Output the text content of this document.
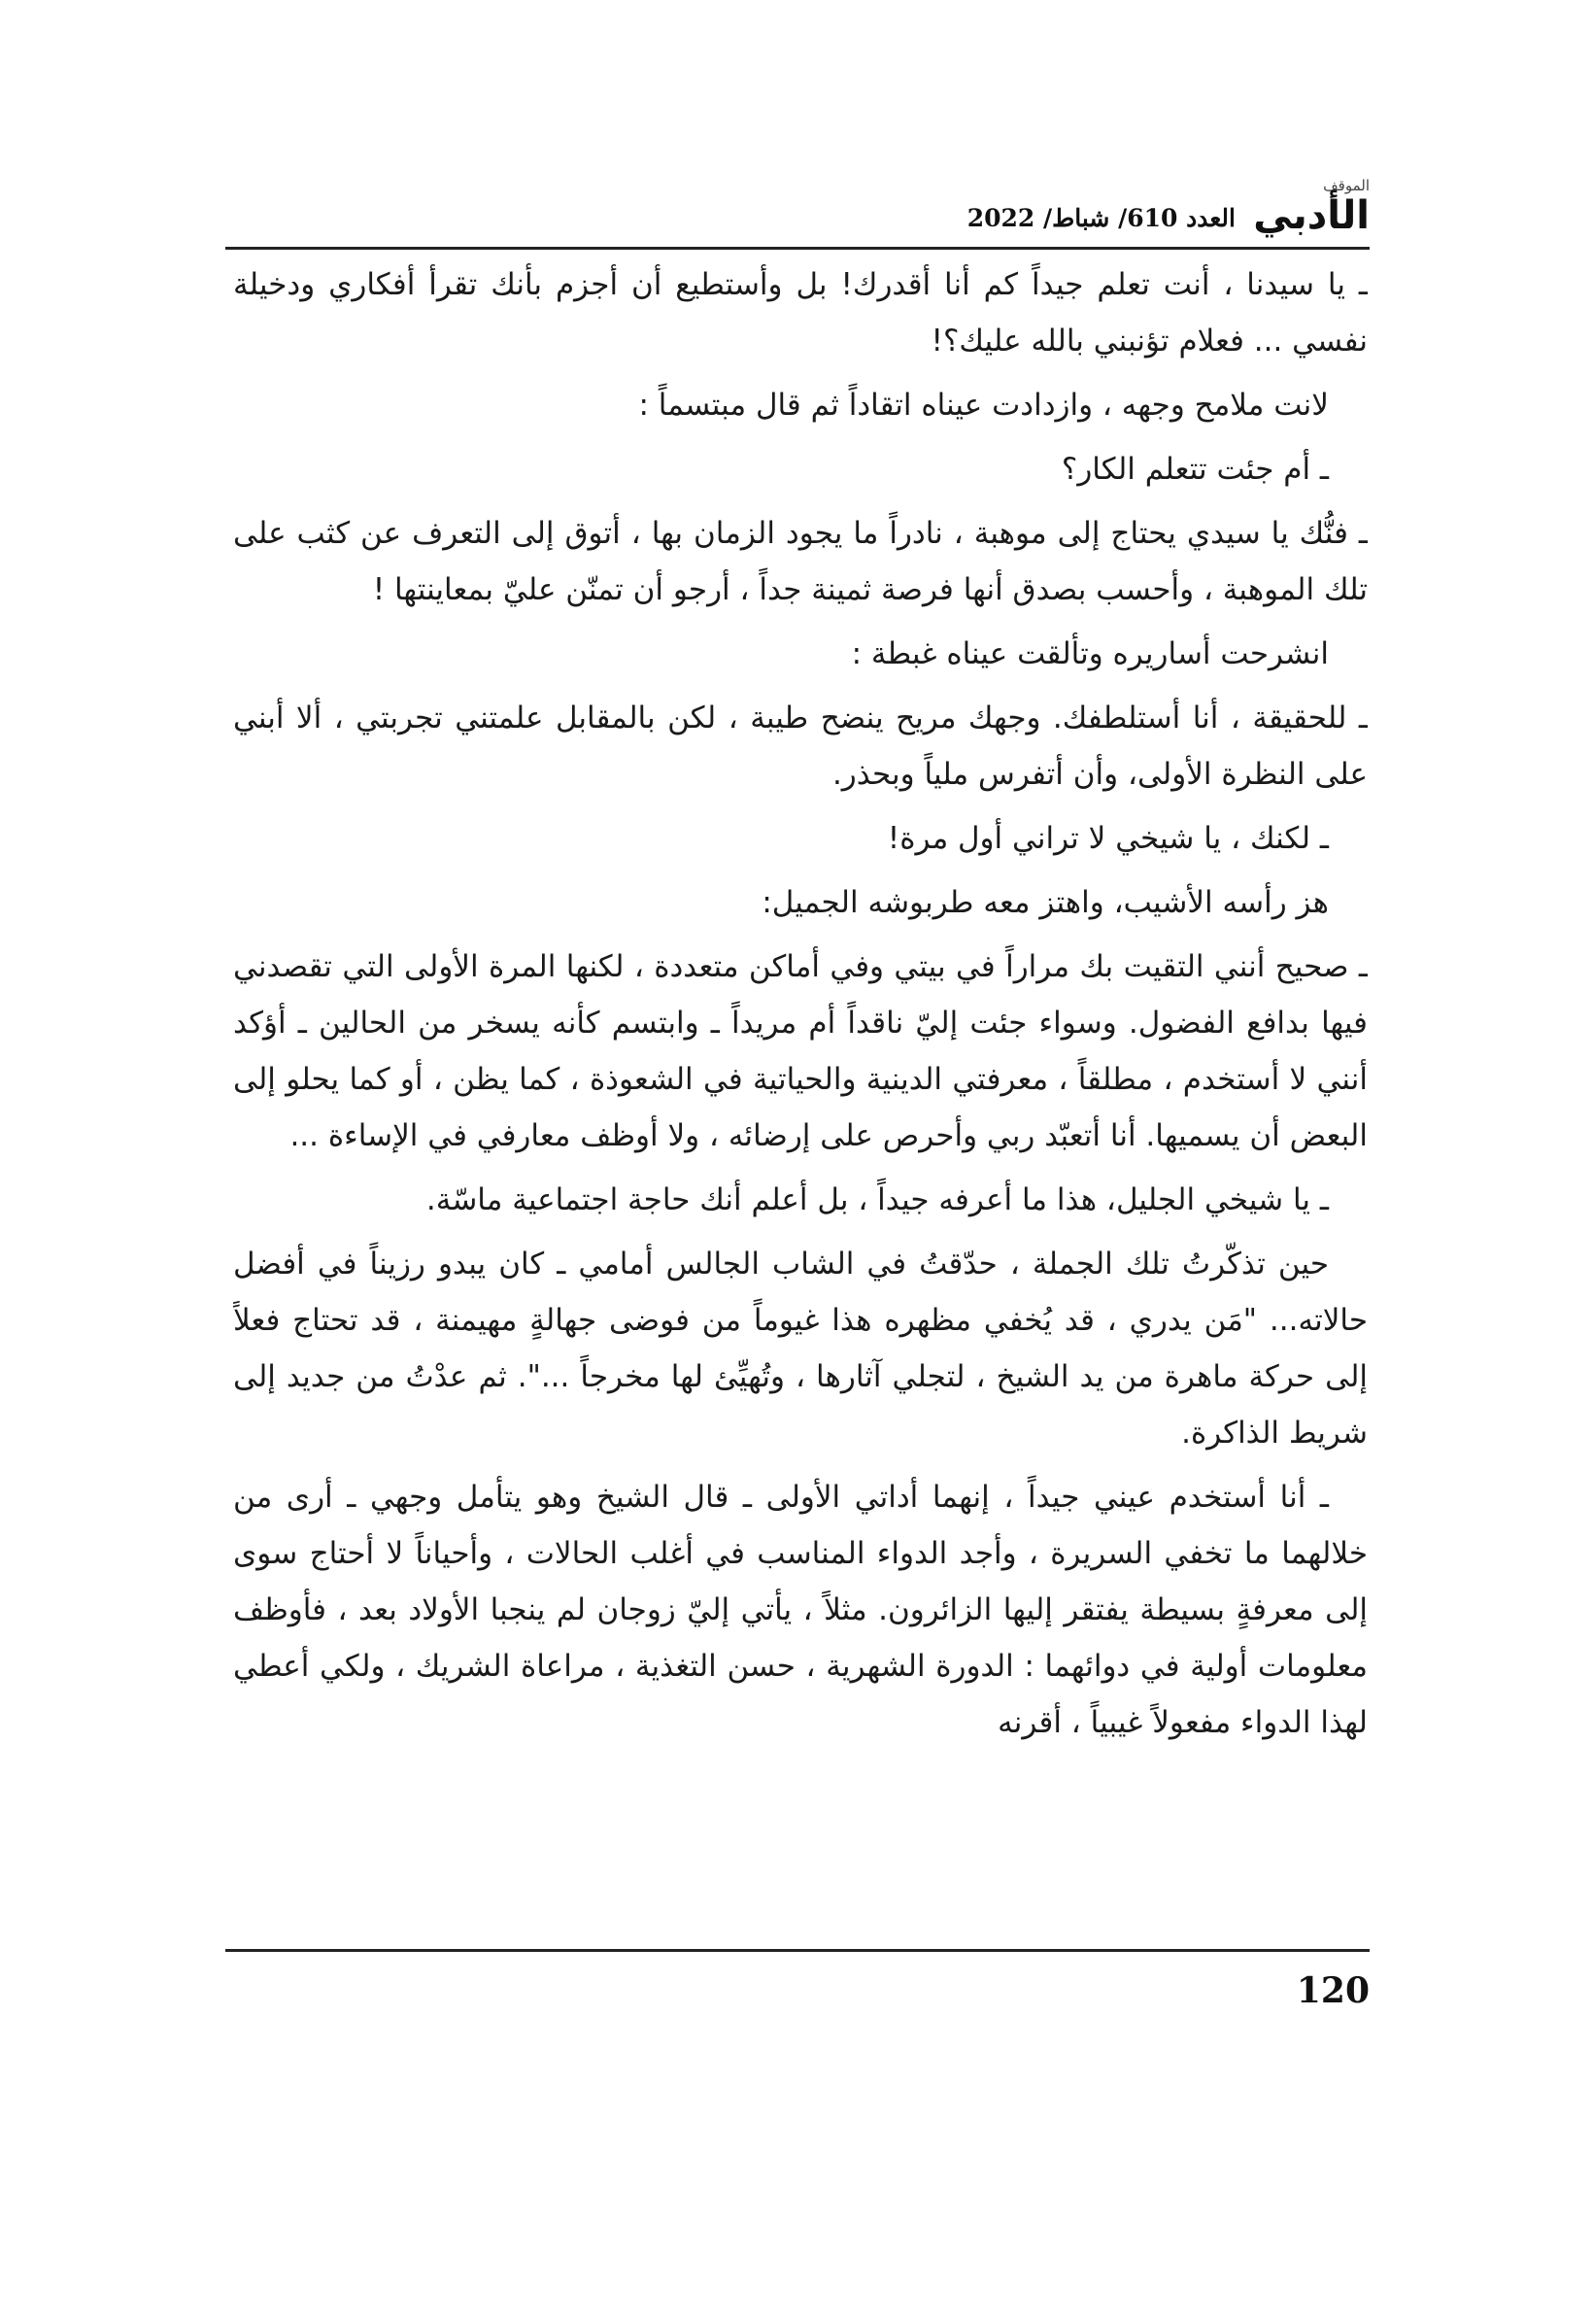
الموقف
الأدبي
العدد 610/ شباط/ 2022

ـ يا سيدنا ، أنت تعلم جيداً كم أنا أقدرك! بل وأستطيع أن أجزم بأنك تقرأ أفكاري ودخيلة نفسي ... فعلام تؤنبني بالله عليك؟!

لانت ملامح وجهه ، وازدادت عيناه اتقاداً ثم قال مبتسماً :

ـ أم جئت تتعلم الكار؟

ـ فنُّك يا سيدي يحتاج إلى موهبة ، نادراً ما يجود الزمان بها ، أتوق إلى التعرف عن كثب على تلك الموهبة ، وأحسب بصدق أنها فرصة ثمينة جداً ، أرجو أن تمنّن عليّ بمعاينتها !

انشرحت أساريره وتألقت عيناه غبطة :

ـ للحقيقة ، أنا أستلطفك. وجهك مريح ينضح طيبة ، لكن بالمقابل علمتني تجربتي ، ألا أبني على النظرة الأولى، وأن أتفرس ملياً وبحذر.

ـ لكنك ، يا شيخي لا تراني أول مرة!

هز رأسه الأشيب، واهتز معه طربوشه الجميل:

ـ صحيح أنني التقيت بك مراراً في بيتي وفي أماكن متعددة ، لكنها المرة الأولى التي تقصدني فيها بدافع الفضول. وسواء جئت إليّ ناقداً أم مريداً ـ وابتسم كأنه يسخر من الحالين ـ أؤكد أنني لا أستخدم ، مطلقاً ، معرفتي الدينية والحياتية في الشعوذة ، كما يظن ، أو كما يحلو إلى البعض أن يسميها. أنا أتعبّد ربي وأحرص على إرضائه ، ولا أوظف معارفي في الإساءة ...

ـ يا شيخي الجليل، هذا ما أعرفه جيداً ، بل أعلم أنك حاجة اجتماعية ماسّة.

حين تذكّرتُ تلك الجملة ، حدّقتُ في الشاب الجالس أمامي ـ كان يبدو رزيناً في أفضل حالاته... "مَن يدري ، قد يُخفي مظهره هذا غيوماً من فوضى جهالةٍ مهيمنة ، قد تحتاج فعلاً إلى حركة ماهرة من يد الشيخ ، لتجلي آثارها ، وتُهيِّئ لها مخرجاً ...". ثم عدْتُ من جديد إلى شريط الذاكرة.

ـ أنا أستخدم عيني جيداً ، إنهما أداتي الأولى ـ قال الشيخ وهو يتأمل وجهي ـ أرى من خلالهما ما تخفي السريرة ، وأجد الدواء المناسب في أغلب الحالات ، وأحياناً لا أحتاج سوى إلى معرفةٍ بسيطة يفتقر إليها الزائرون. مثلاً ، يأتي إليّ زوجان لم ينجبا الأولاد بعد ، فأوظف معلومات أولية في دوائهما : الدورة الشهرية ، حسن التغذية ، مراعاة الشريك ، ولكي أعطي لهذا الدواء مفعولاً غيبياً ، أقرنه

120
